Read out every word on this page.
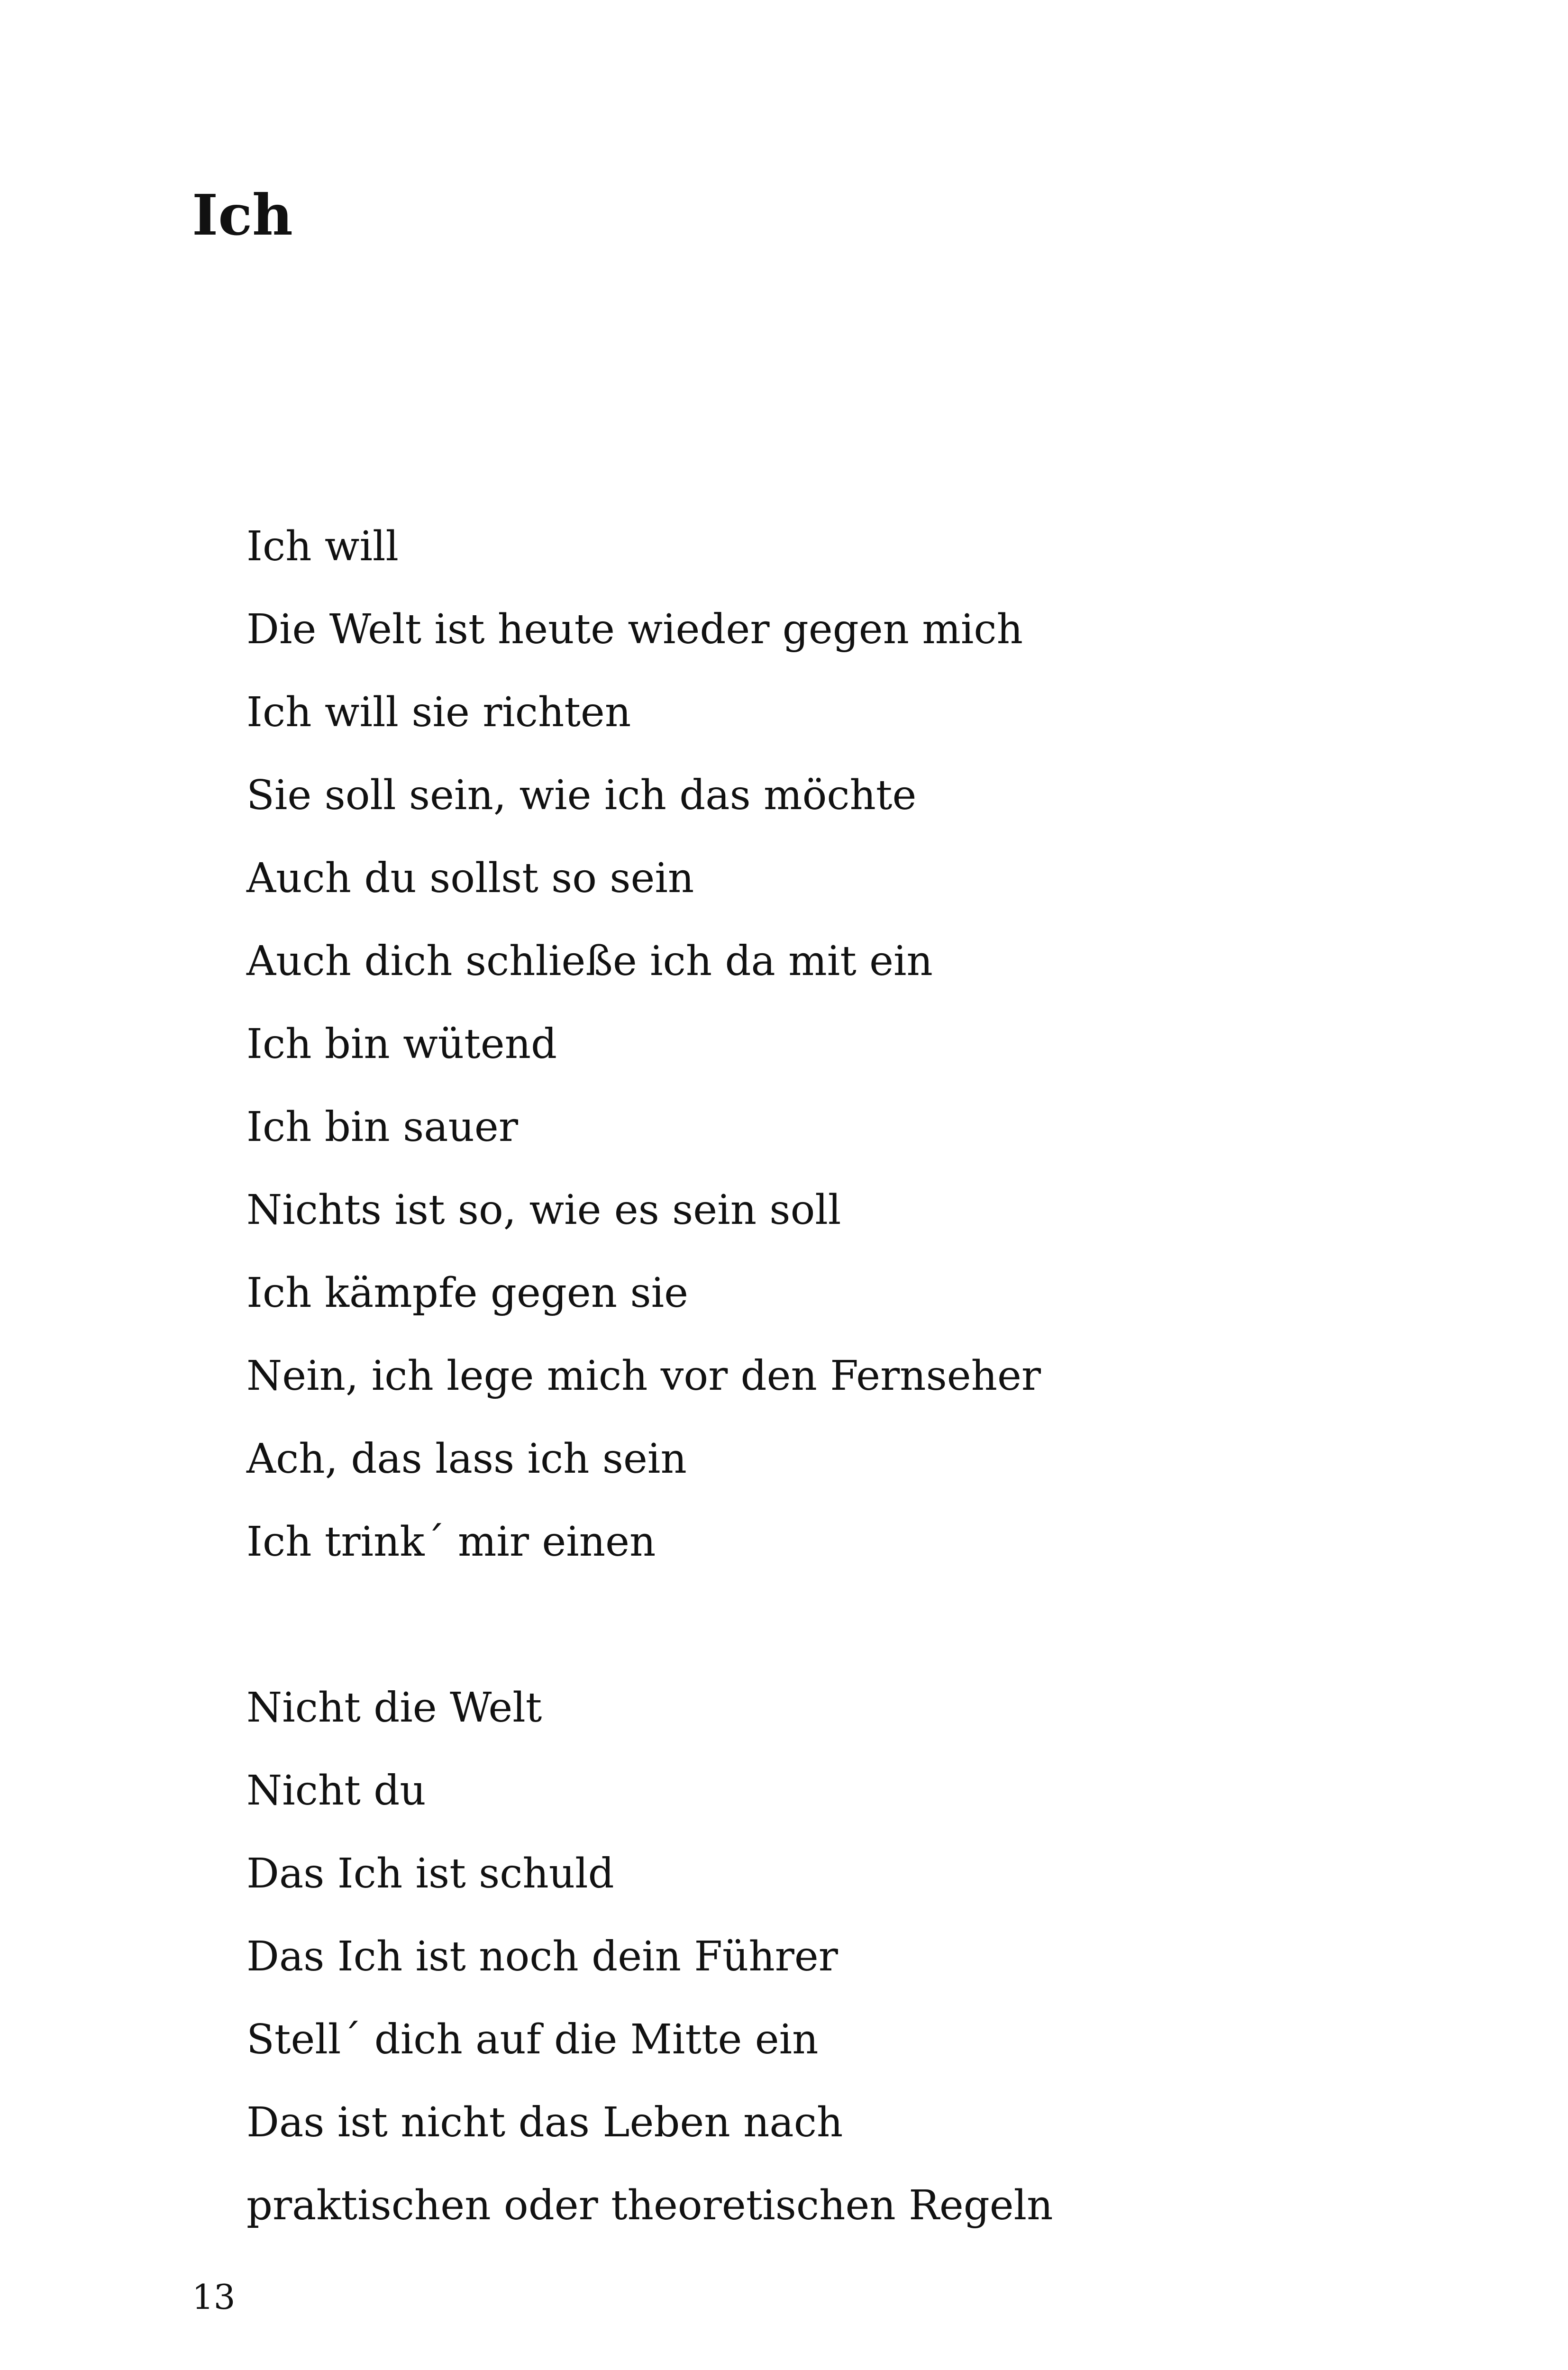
Ich
Ich will
Die Welt ist heute wieder gegen mich
Ich will sie richten
Sie soll sein, wie ich das möchte
Auch du sollst so sein
Auch dich schließe ich da mit ein
Ich bin wütend
Ich bin sauer
Nichts ist so, wie es sein soll
Ich kämpfe gegen sie
Nein, ich lege mich vor den Fernseher
Ach, das lass ich sein
Ich trink´ mir einen
Nicht die Welt
Nicht du
Das Ich ist schuld
Das Ich ist noch dein Führer
Stell´ dich auf die Mitte ein
Das ist nicht das Leben nach
praktischen oder theoretischen Regeln
13
